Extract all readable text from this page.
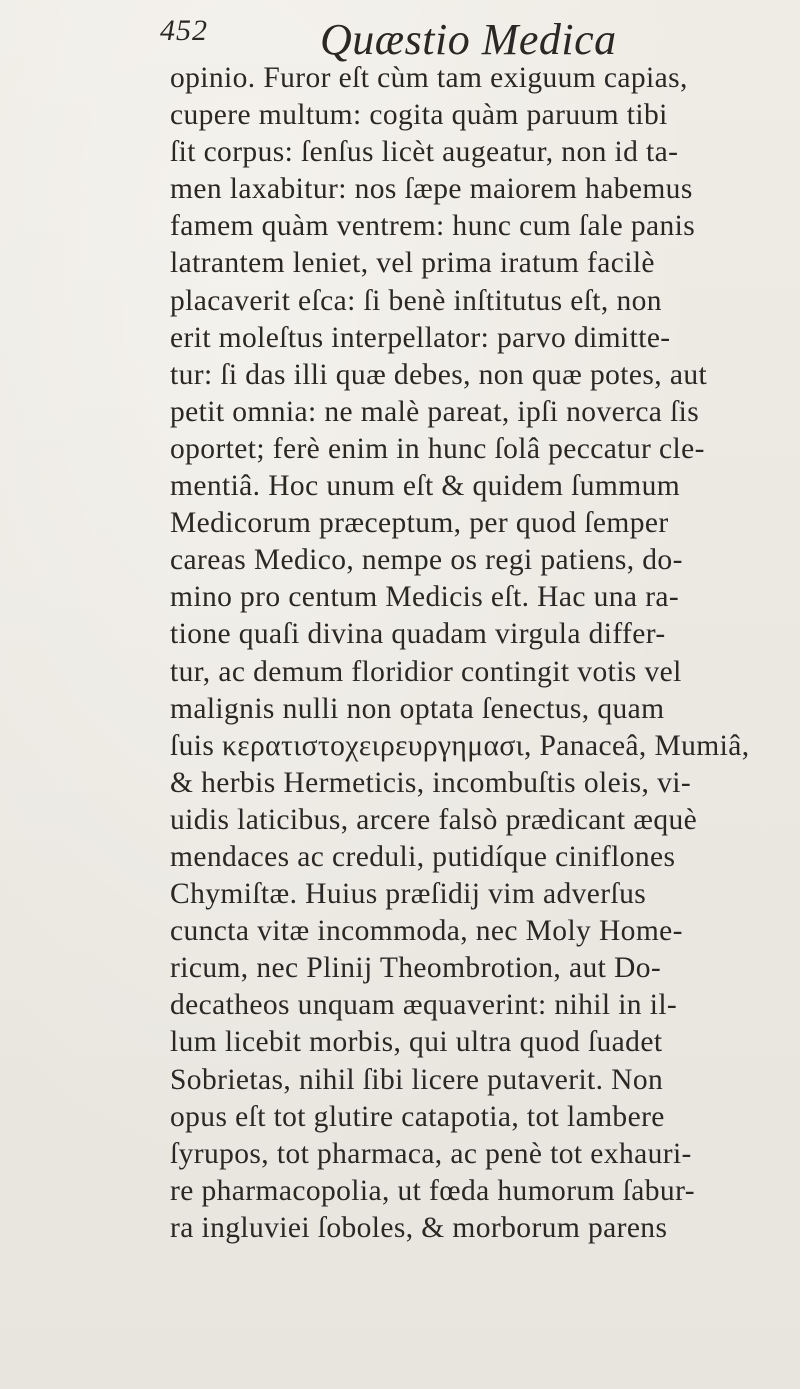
452	Quæstio Medica
opinio. Furor eſt cùm tam exiguum capias,
cupere multum: cogita quàm paruum tibi
ſit corpus: ſenſus licèt augeatur, non id ta-
men laxabitur: nos ſæpe maiorem habemus
famem quàm ventrem: hunc cum ſale panis
latrantem leniet, vel prima iratum facilè
placaverit eſca: ſi benè inſtitutus eſt, non
erit moleſtus interpellator: parvo dimitte-
tur: ſi das illi quæ debes, non quæ potes, aut
petit omnia: ne malè pareat, ipſi noverca ſis
oportet; ferè enim in hunc ſolâ peccatur cle-
mentiâ. Hoc unum eſt & quidem ſummum
Medicorum præceptum, per quod ſemper
careas Medico, nempe os regi patiens, do-
mino pro centum Medicis eſt. Hac una ra-
tione quaſi divina quadam virgula differ-
tur, ac demum floridior contingit votis vel
malignis nulli non optata ſenectus, quam
ſuis κερατιστοχειρευργημασι, Panaceâ, Mumiâ,
& herbis Hermeticis, incombuſtis oleis, vi-
uidis laticibus, arcere falsò prædicant æquè
mendaces ac creduli, putidíque ciniflones
Chymiſtæ. Huius præſidij vim adverſus
cuncta vitæ incommoda, nec Moly Home-
ricum, nec Plinij Theombrotion, aut Do-
decatheos unquam æquaverint: nihil in il-
lum licebit morbis, qui ultra quod ſuadet
Sobrietas, nihil ſibi licere putaverit. Non
opus eſt tot glutire catapotia, tot lambere
ſyrupos, tot pharmaca, ac penè tot exhauri-
re pharmacopolia, ut fœda humorum ſabur-
ra ingluviei ſoboles, & morborum parens
